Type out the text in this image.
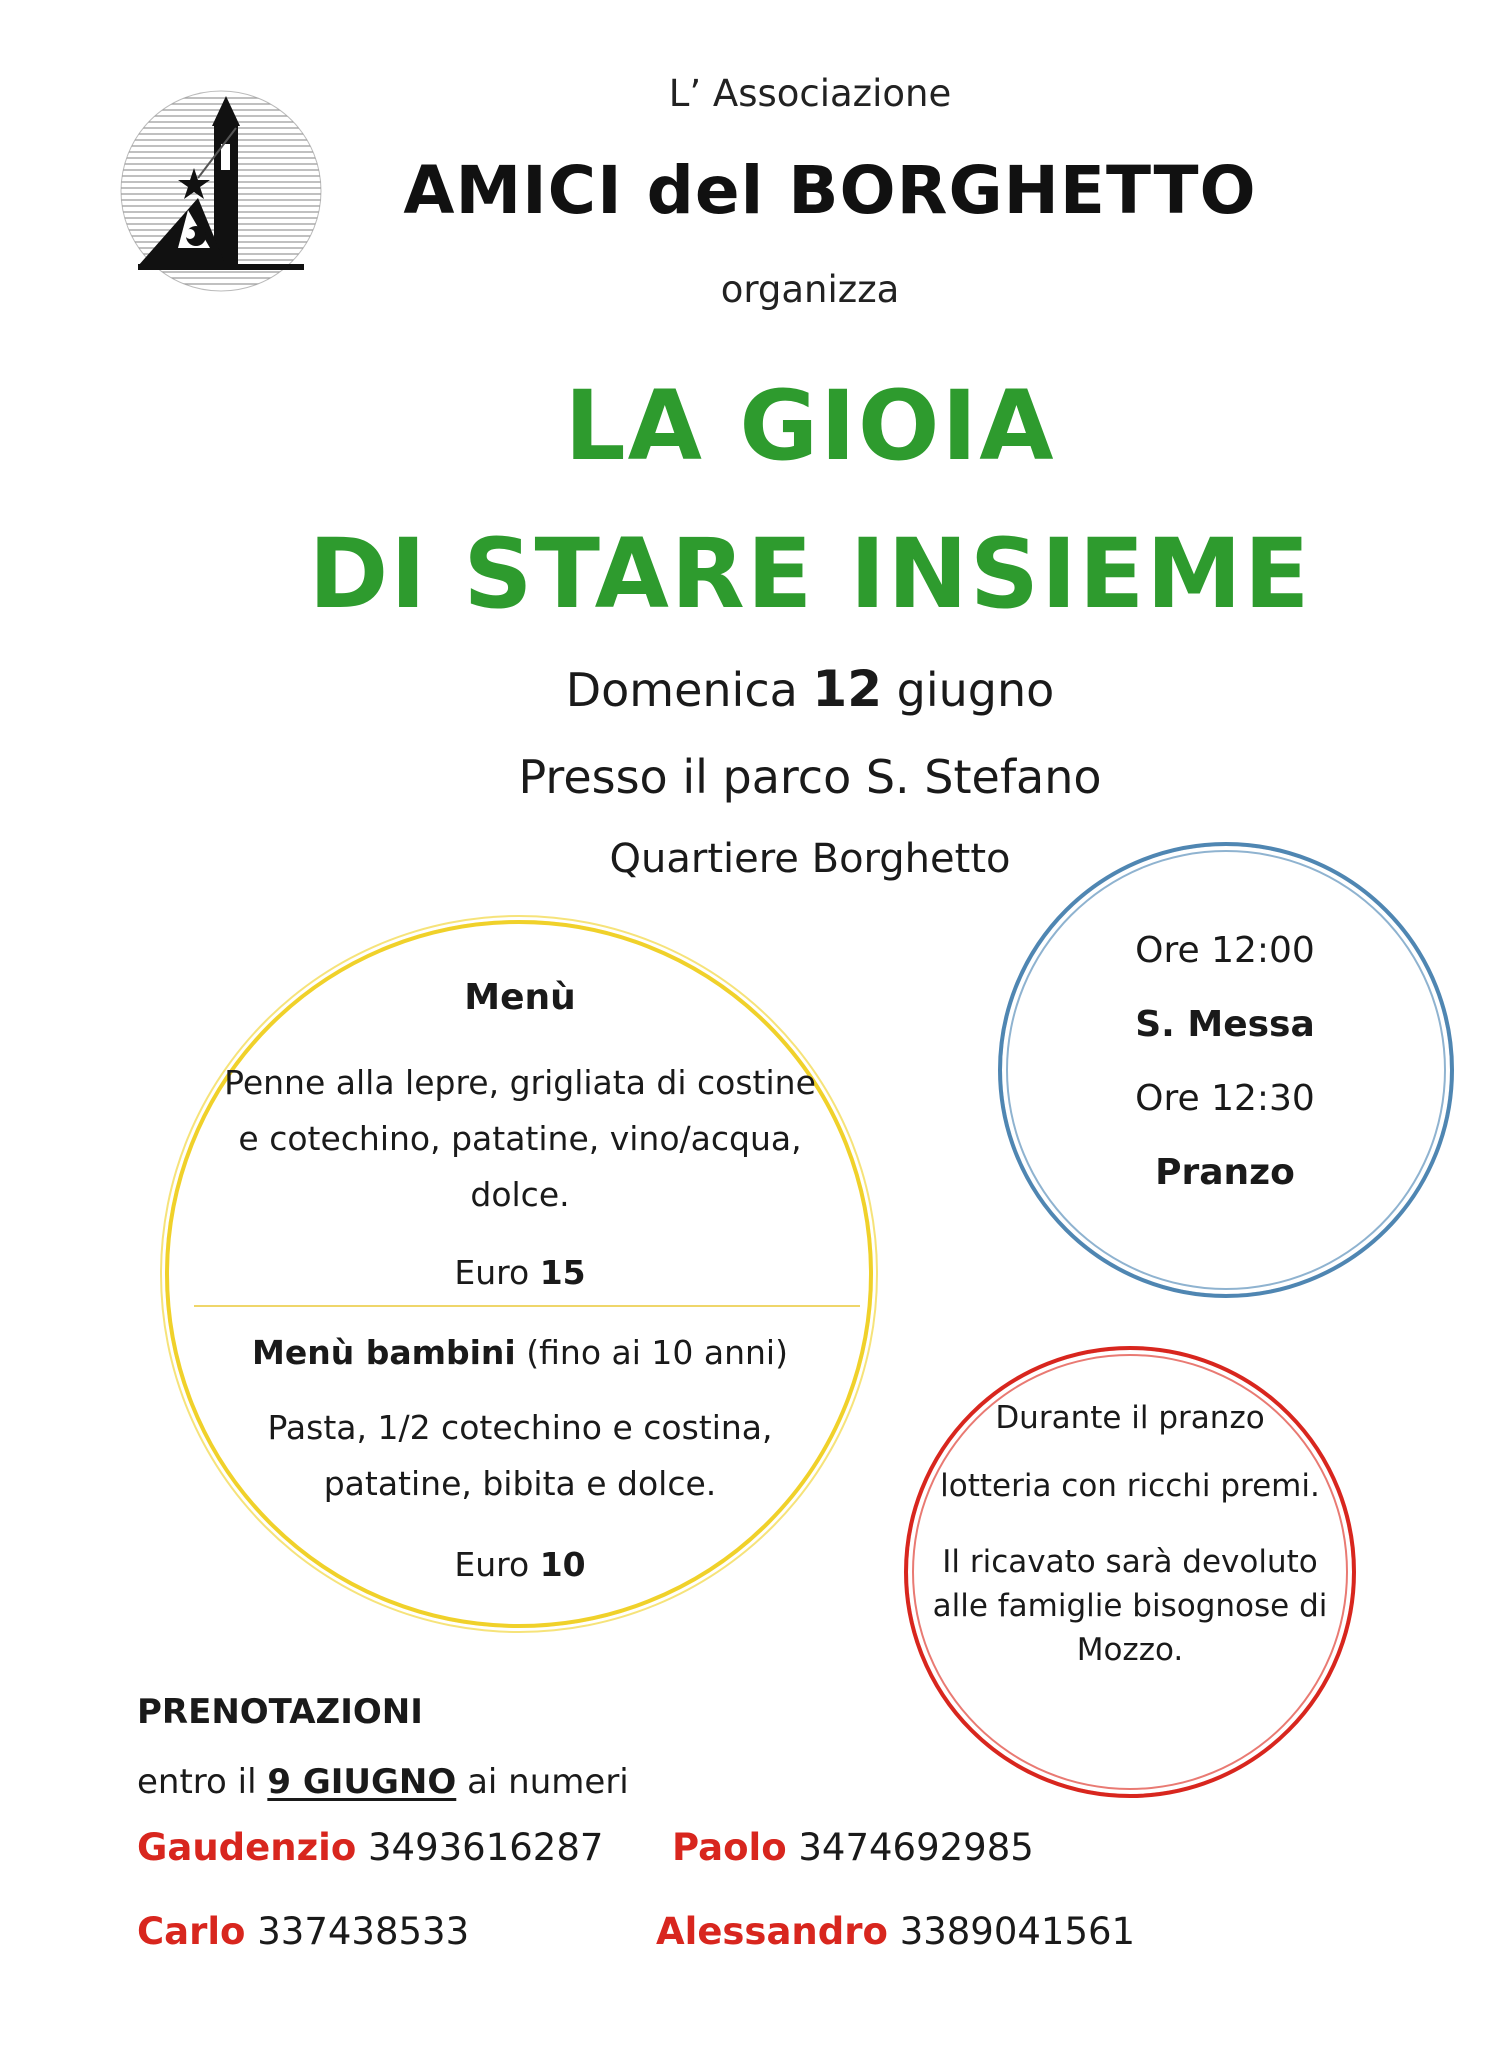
L’ Associazione
AMICI del BORGHETTO
organizza
LA GIOIA
DI STARE INSIEME
Domenica 12 giugno
Presso il parco S. Stefano
Quartiere Borghetto
Menù
Penne alla lepre, grigliata di costine e cotechino, patatine, vino/acqua, dolce.
Euro 15
Menù bambini (fino ai 10 anni)
Pasta, 1/2 cotechino e costina, patatine, bibita e dolce.
Euro 10
Ore 12:00
S. Messa
Ore 12:30
Pranzo
Durante il pranzo
lotteria con ricchi premi.
Il ricavato sarà devoluto alle famiglie bisognose di Mozzo.
PRENOTAZIONI
entro il 9 GIUGNO ai numeri
Gaudenzio 3493616287 Paolo 3474692985
Carlo 337438533	Alessandro 3389041561
